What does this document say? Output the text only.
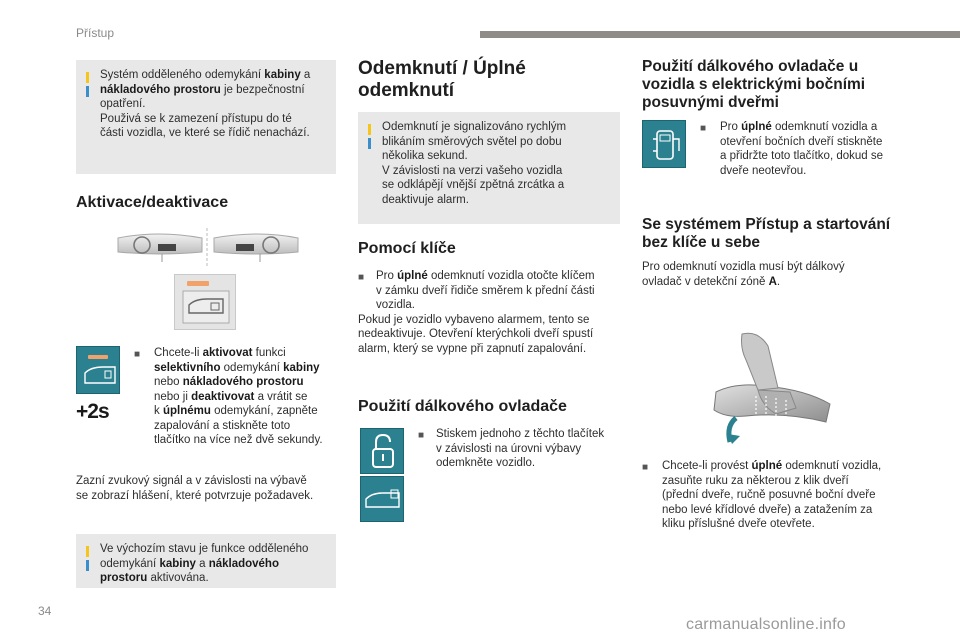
Přístup

Systém odděleného odemykání kabiny a
nákladového prostoru je bezpečnostní
opatření.
Použivá se k zamezení přístupu do té
části vozidla, ve které se řídič nenachází.

Aktivace/deaktivace
+2s
■ Chcete-li aktivovat funkci
selektivního odemykání kabiny
nebo nákladového prostoru
nebo ji deaktivovat a vrátit se
k úplnému odemykání, zapněte
zapalování a stiskněte toto
tlačítko na více než dvě sekundy.
Zazní zvukový signál a v závislosti na výbavě
se zobrazí hlášení, které potvrzuje požadavek.

Ve výchozím stavu je funkce odděleného
odemykání kabiny a nákladového
prostoru aktivována.

Odemknutí / Úplné
odemknutí

Odemknutí je signalizováno rychlým
blikáním směrových světel po dobu
několika sekund.
V závislosti na verzi vašeho vozidla
se odklápějí vnější zpětná zrcátka a
deaktivuje alarm.

Pomocí klíče
■	Pro úplné odemknutí vozidla otočte klíčem
v zámku dveří řidiče směrem k přední části
vozidla.
Pokud je vozidlo vybaveno alarmem, tento se
nedeaktivuje. Otevření kterýchkoli dveří spustí
alarm, který se vypne při zapnutí zapalování.
Použití dálkového ovladače
■ Stiskem jednoho z těchto tlačítek
v závislosti na úrovni výbavy
odemkněte vozidlo.
Použití dálkového ovladače u
vozidla s elektrickými bočními
posuvnými dveřmi
■ Pro úplné odemknutí vozidla a
otevření bočních dveří stiskněte
a přidržte toto tlačítko, dokud se
dveře neotevřou.
Se systémem Přístup a startování
bez klíče u sebe
Pro odemknutí vozidla musí být dálkový
ovladač v detekční zóně A.
■ Chcete-li provést úplné odemknutí vozidla,
zasuňte ruku za některou z klik dveří
(přední dveře, ručně posuvné boční dveře
nebo levé křídlové dveře) a zatažením za
kliku příslušné dveře otevřete.
34
carmanualsonline.info
